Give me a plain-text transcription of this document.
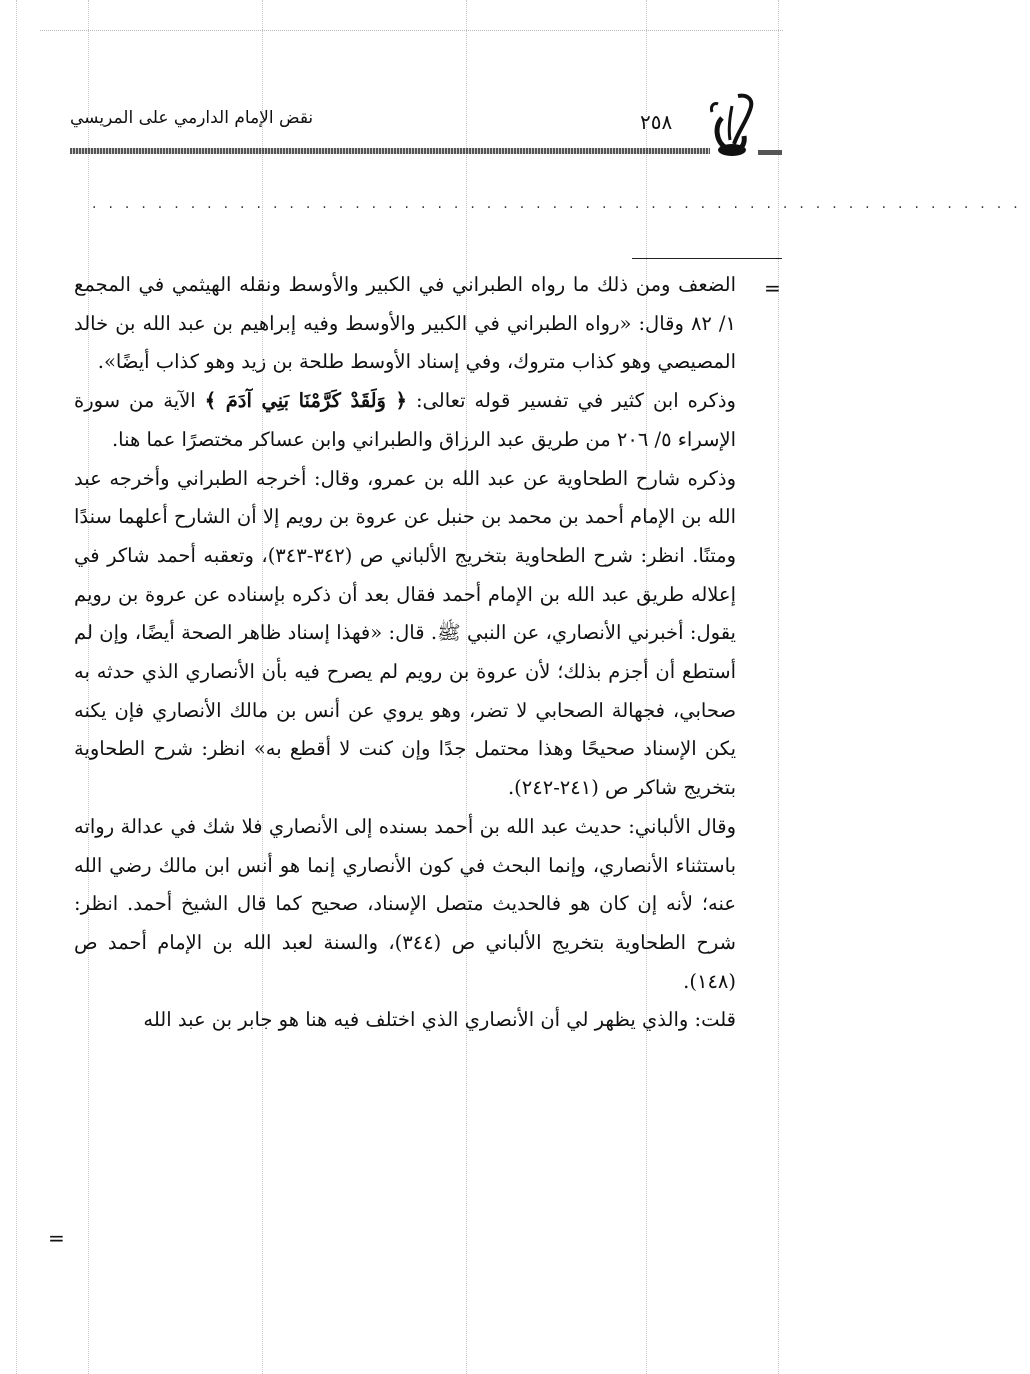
نقض الإمام الدارمي على المريسي	٢٥٨
.........................................................
=

الضعف ومن ذلك ما رواه الطبراني في الكبير والأوسط ونقله الهيثمي في المجمع ١/ ٨٢ وقال: «رواه الطبراني في الكبير والأوسط وفيه إبراهيم بن عبد الله بن خالد المصيصي وهو كذاب متروك، وفي إسناد الأوسط طلحة بن زيد وهو كذاب أيضًا».

وذكره ابن كثير في تفسير قوله تعالى: ﴿ وَلَقَدْ كَرَّمْنَا بَنِي آدَمَ ﴾ الآية من سورة الإسراء ٥/ ٢٠٦ من طريق عبد الرزاق والطبراني وابن عساكر مختصرًا عما هنا.

وذكره شارح الطحاوية عن عبد الله بن عمرو، وقال: أخرجه الطبراني وأخرجه عبد الله بن الإمام أحمد بن محمد بن حنبل عن عروة بن رويم إلا أن الشارح أعلهما سندًا ومتنًا. انظر: شرح الطحاوية بتخريج الألباني ص (٣٤٢-٣٤٣)، وتعقبه أحمد شاكر في إعلاله طريق عبد الله بن الإمام أحمد فقال بعد أن ذكره بإسناده عن عروة بن رويم يقول: أخبرني الأنصاري، عن النبي ﷺ. قال: «فهذا إسناد ظاهر الصحة أيضًا، وإن لم أستطع أن أجزم بذلك؛ لأن عروة بن رويم لم يصرح فيه بأن الأنصاري الذي حدثه به صحابي، فجهالة الصحابي لا تضر، وهو يروي عن أنس بن مالك الأنصاري فإن يكنه يكن الإسناد صحيحًا وهذا محتمل جدًا وإن كنت لا أقطع به» انظر: شرح الطحاوية بتخريج شاكر ص (٢٤١-٢٤٢).

وقال الألباني: حديث عبد الله بن أحمد بسنده إلى الأنصاري فلا شك في عدالة رواته باستثناء الأنصاري، وإنما البحث في كون الأنصاري إنما هو أنس ابن مالك رضي الله عنه؛ لأنه إن كان هو فالحديث متصل الإسناد، صحيح كما قال الشيخ أحمد. انظر: شرح الطحاوية بتخريج الألباني ص (٣٤٤)، والسنة لعبد الله بن الإمام أحمد ص (١٤٨).

قلت: والذي يظهر لي أن الأنصاري الذي اختلف فيه هنا هو جابر بن عبد الله

=
